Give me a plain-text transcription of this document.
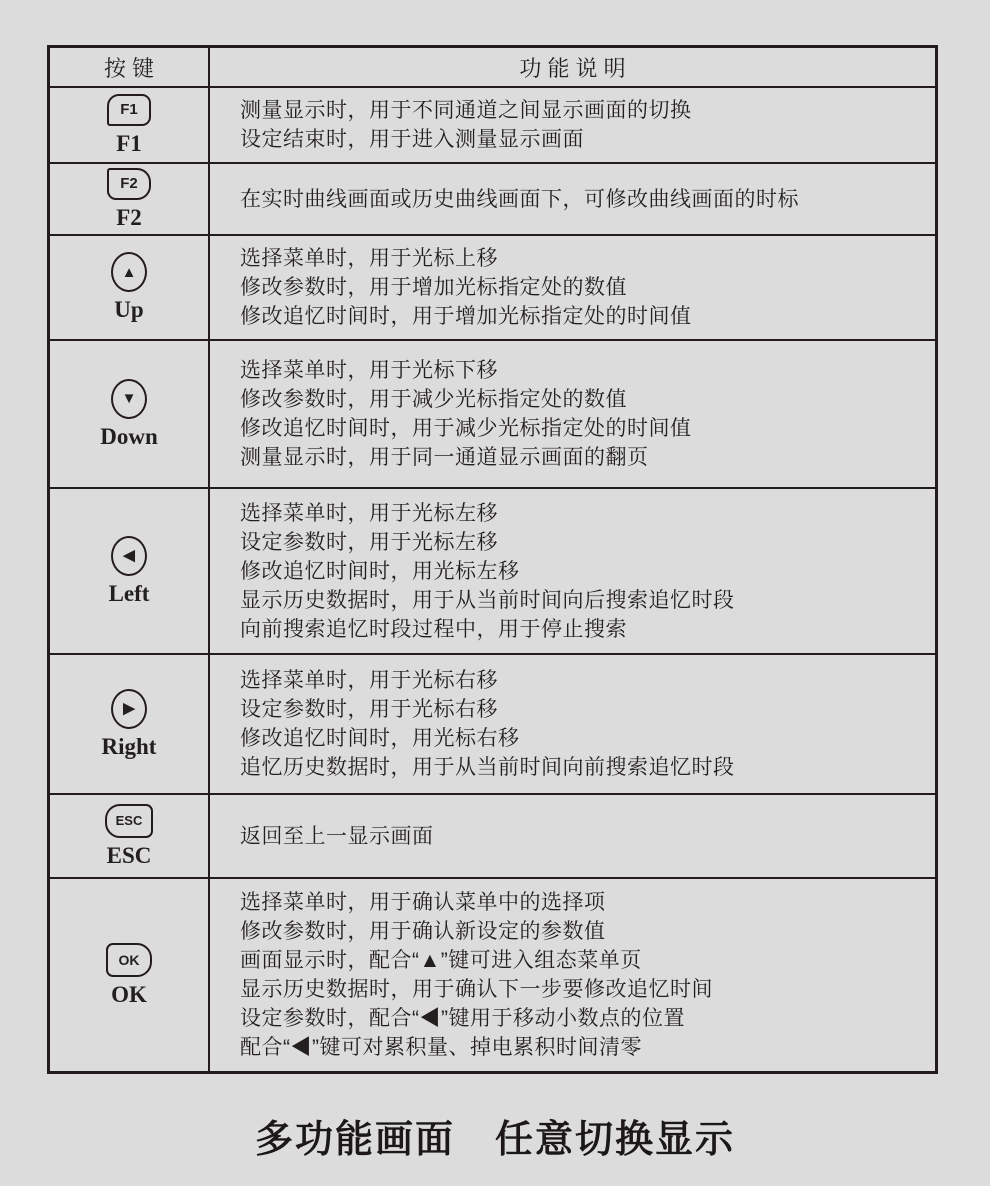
按 键	功 能 说 明
F1
F1
测量显示时，用于不同通道之间显示画面的切换
设定结束时，用于进入测量显示画面
F2
F2
在实时曲线画面或历史曲线画面下，可修改曲线画面的时标
▲
Up
选择菜单时，用于光标上移
修改参数时，用于增加光标指定处的数值
修改追忆时间时，用于增加光标指定处的时间值
▼
Down
选择菜单时，用于光标下移
修改参数时，用于减少光标指定处的数值
修改追忆时间时，用于减少光标指定处的时间值
测量显示时，用于同一通道显示画面的翻页
◀
Left
选择菜单时，用于光标左移
设定参数时，用于光标左移
修改追忆时间时，用光标左移
显示历史数据时，用于从当前时间向后搜索追忆时段
向前搜索追忆时段过程中，用于停止搜索
▶
Right
选择菜单时，用于光标右移
设定参数时，用于光标右移
修改追忆时间时，用光标右移
追忆历史数据时，用于从当前时间向前搜索追忆时段
ESC
ESC
返回至上一显示画面
OK
OK
选择菜单时，用于确认菜单中的选择项
修改参数时，用于确认新设定的参数值
画面显示时，配合“▲”键可进入组态菜单页
显示历史数据时，用于确认下一步要修改追忆时间
设定参数时，配合“◀”键用于移动小数点的位置
配合“◀”键可对累积量、掉电累积时间清零
多功能画面　任意切换显示
